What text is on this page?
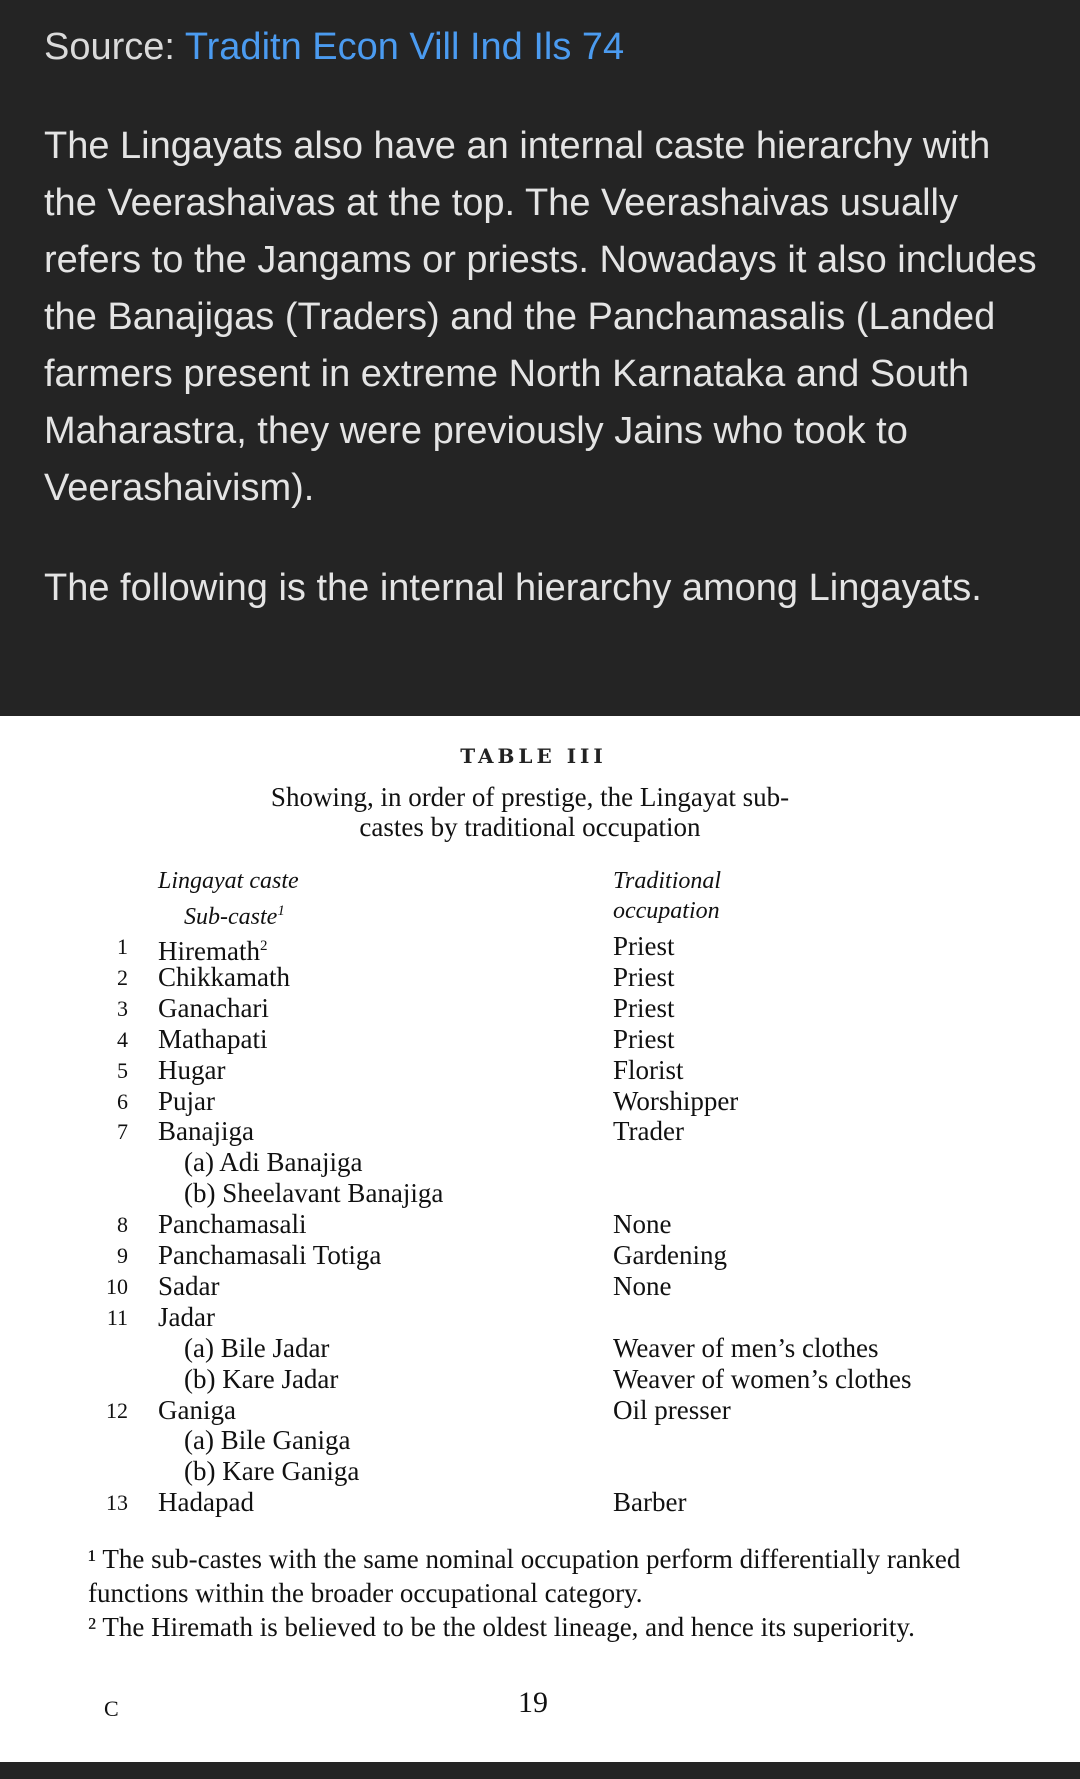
Source: Traditn Econ Vill Ind Ils 74
The Lingayats also have an internal caste hierarchy with the Veerashaivas at the top. The Veerashaivas usually refers to the Jangams or priests. Nowadays it also includes the Banajigas (Traders) and the Panchamasalis (Landed farmers present in extreme North Karnataka and South Maharastra, they were previously Jains who took to Veerashaivism).
The following is the internal hierarchy among Lingayats.
TABLE III
Showing, in order of prestige, the Lingayat sub-castes by traditional occupation
Lingayat caste
Sub-caste$^1$
Traditional
occupation
1 Hiremath$^2$	Priest
2 Chikkamath	Priest
3 Ganachari	Priest
4 Mathapati	Priest
5 Hugar	Florist
6 Pujar	Worshipper
7 Banajiga	Trader
(a) Adi Banajiga
(b) Sheelavant Banajiga
8 Panchamasali	None
9 Panchamasali Totiga	Gardening
10 Sadar	None
11 Jadar
(a) Bile Jadar	Weaver of men’s clothes
(b) Kare Jadar	Weaver of women’s clothes
12 Ganiga	Oil presser
(a) Bile Ganiga
(b) Kare Ganiga
13 Hadapad	Barber
¹ The sub-castes with the same nominal occupation perform differentially ranked functions within the broader occupational category.
² The Hiremath is believed to be the oldest lineage, and hence its superiority.
C	19
